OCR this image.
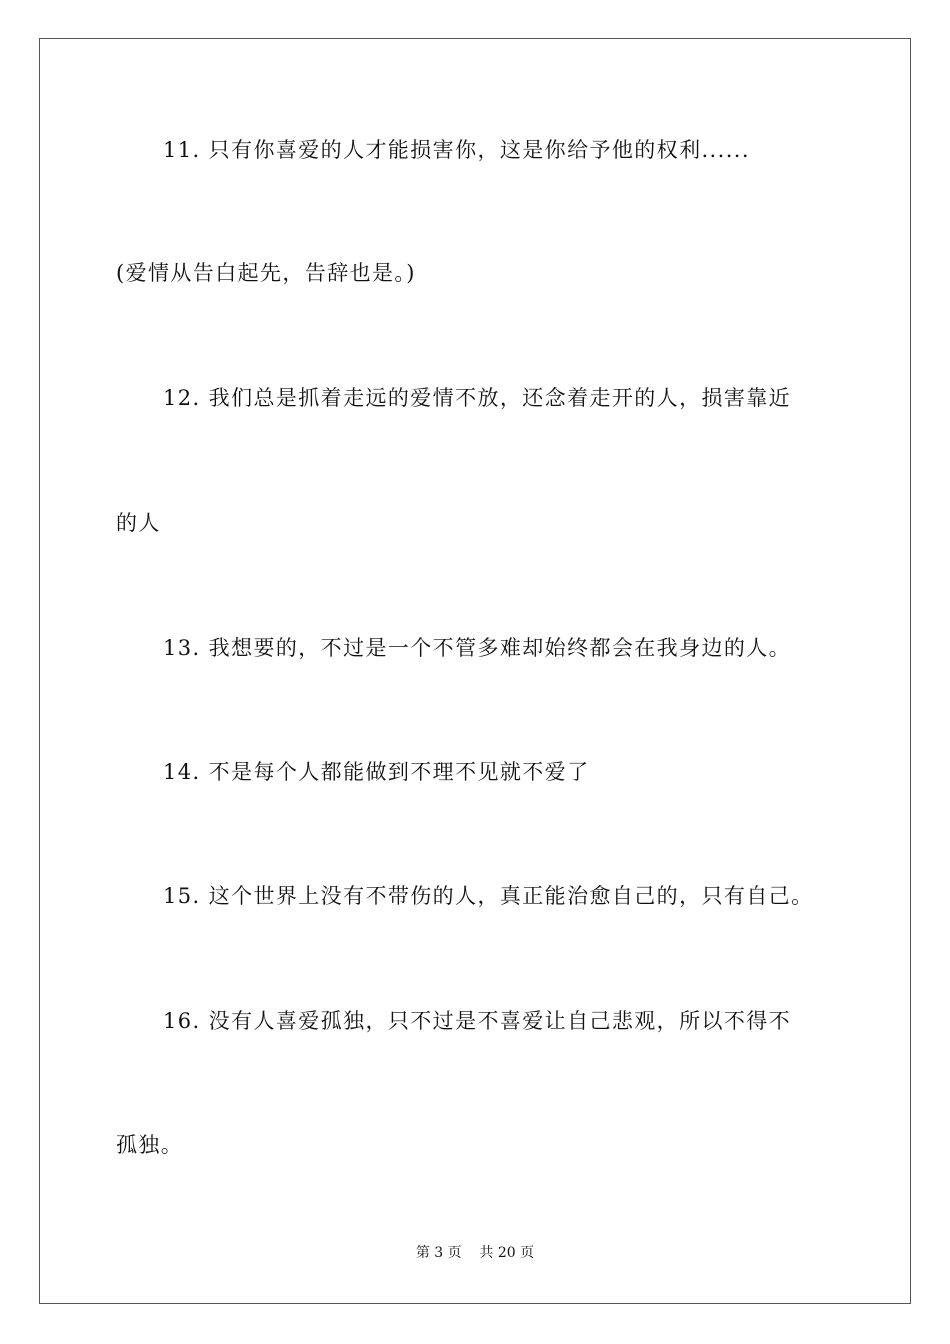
11. 只有你喜爱的人才能损害你，这是你给予他的权利......
(爱情从告白起先，告辞也是。)
12. 我们总是抓着走远的爱情不放，还念着走开的人，损害靠近
的人
13. 我想要的，不过是一个不管多难却始终都会在我身边的人。
14. 不是每个人都能做到不理不见就不爱了
15. 这个世界上没有不带伤的人，真正能治愈自己的，只有自己。
16. 没有人喜爱孤独，只不过是不喜爱让自己悲观，所以不得不
孤独。
第 3 页    共 20 页
